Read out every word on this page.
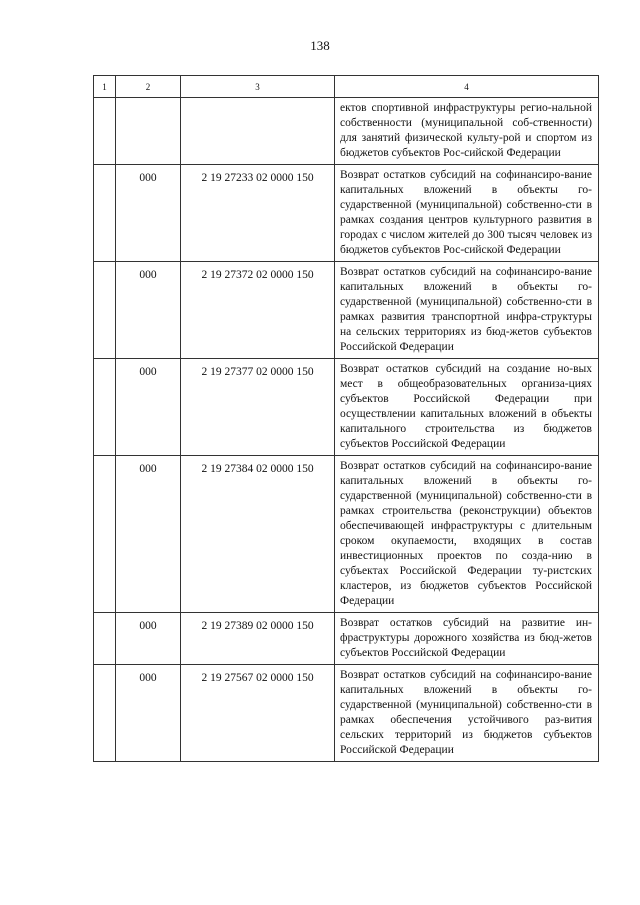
138
1	2	3	4
			ектов спортивной инфраструктуры регио-нальной собственности (муниципальной соб-ственности) для занятий физической культу-рой и спортом из бюджетов субъектов Рос-сийской Федерации
	000	2 19 27233 02 0000 150	Возврат остатков субсидий на софинансиро-вание капитальных вложений в объекты го-сударственной (муниципальной) собственно-сти в рамках создания центров культурного развития в городах с числом жителей до 300 тысяч человек из бюджетов субъектов Рос-сийской Федерации
	000	2 19 27372 02 0000 150	Возврат остатков субсидий на софинансиро-вание капитальных вложений в объекты го-сударственной (муниципальной) собственно-сти в рамках развития транспортной инфра-структуры на сельских территориях из бюд-жетов субъектов Российской Федерации
	000	2 19 27377 02 0000 150	Возврат остатков субсидий на создание но-вых мест в общеобразовательных организа-циях субъектов Российской Федерации при осуществлении капитальных вложений в объекты капитального строительства из бюджетов субъектов Российской Федерации
	000	2 19 27384 02 0000 150	Возврат остатков субсидий на софинансиро-вание капитальных вложений в объекты го-сударственной (муниципальной) собственно-сти в рамках строительства (реконструкции) объектов обеспечивающей инфраструктуры с длительным сроком окупаемости, входящих в состав инвестиционных проектов по созда-нию в субъектах Российской Федерации ту-ристских кластеров, из бюджетов субъектов Российской Федерации
	000	2 19 27389 02 0000 150	Возврат остатков субсидий на развитие ин-фраструктуры дорожного хозяйства из бюд-жетов субъектов Российской Федерации
	000	2 19 27567 02 0000 150	Возврат остатков субсидий на софинансиро-вание капитальных вложений в объекты го-сударственной (муниципальной) собственно-сти в рамках обеспечения устойчивого раз-вития сельских территорий из бюджетов субъектов Российской Федерации
